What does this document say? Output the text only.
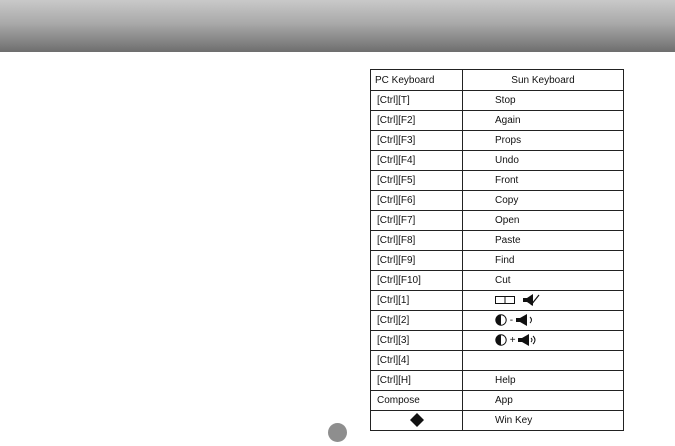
PC Keyboard	Sun Keyboard
[Ctrl][T]	Stop
[Ctrl][F2]	Again
[Ctrl][F3]	Props
[Ctrl][F4]	Undo
[Ctrl][F5]	Front
[Ctrl][F6]	Copy
[Ctrl][F7]	Open
[Ctrl][F8]	Paste
[Ctrl][F9]	Find
[Ctrl][F10]	Cut
[Ctrl][1]	
[Ctrl][2]	-
[Ctrl][3]	+
[Ctrl][4]	
[Ctrl][H]	Help
Compose	App
	Win Key
